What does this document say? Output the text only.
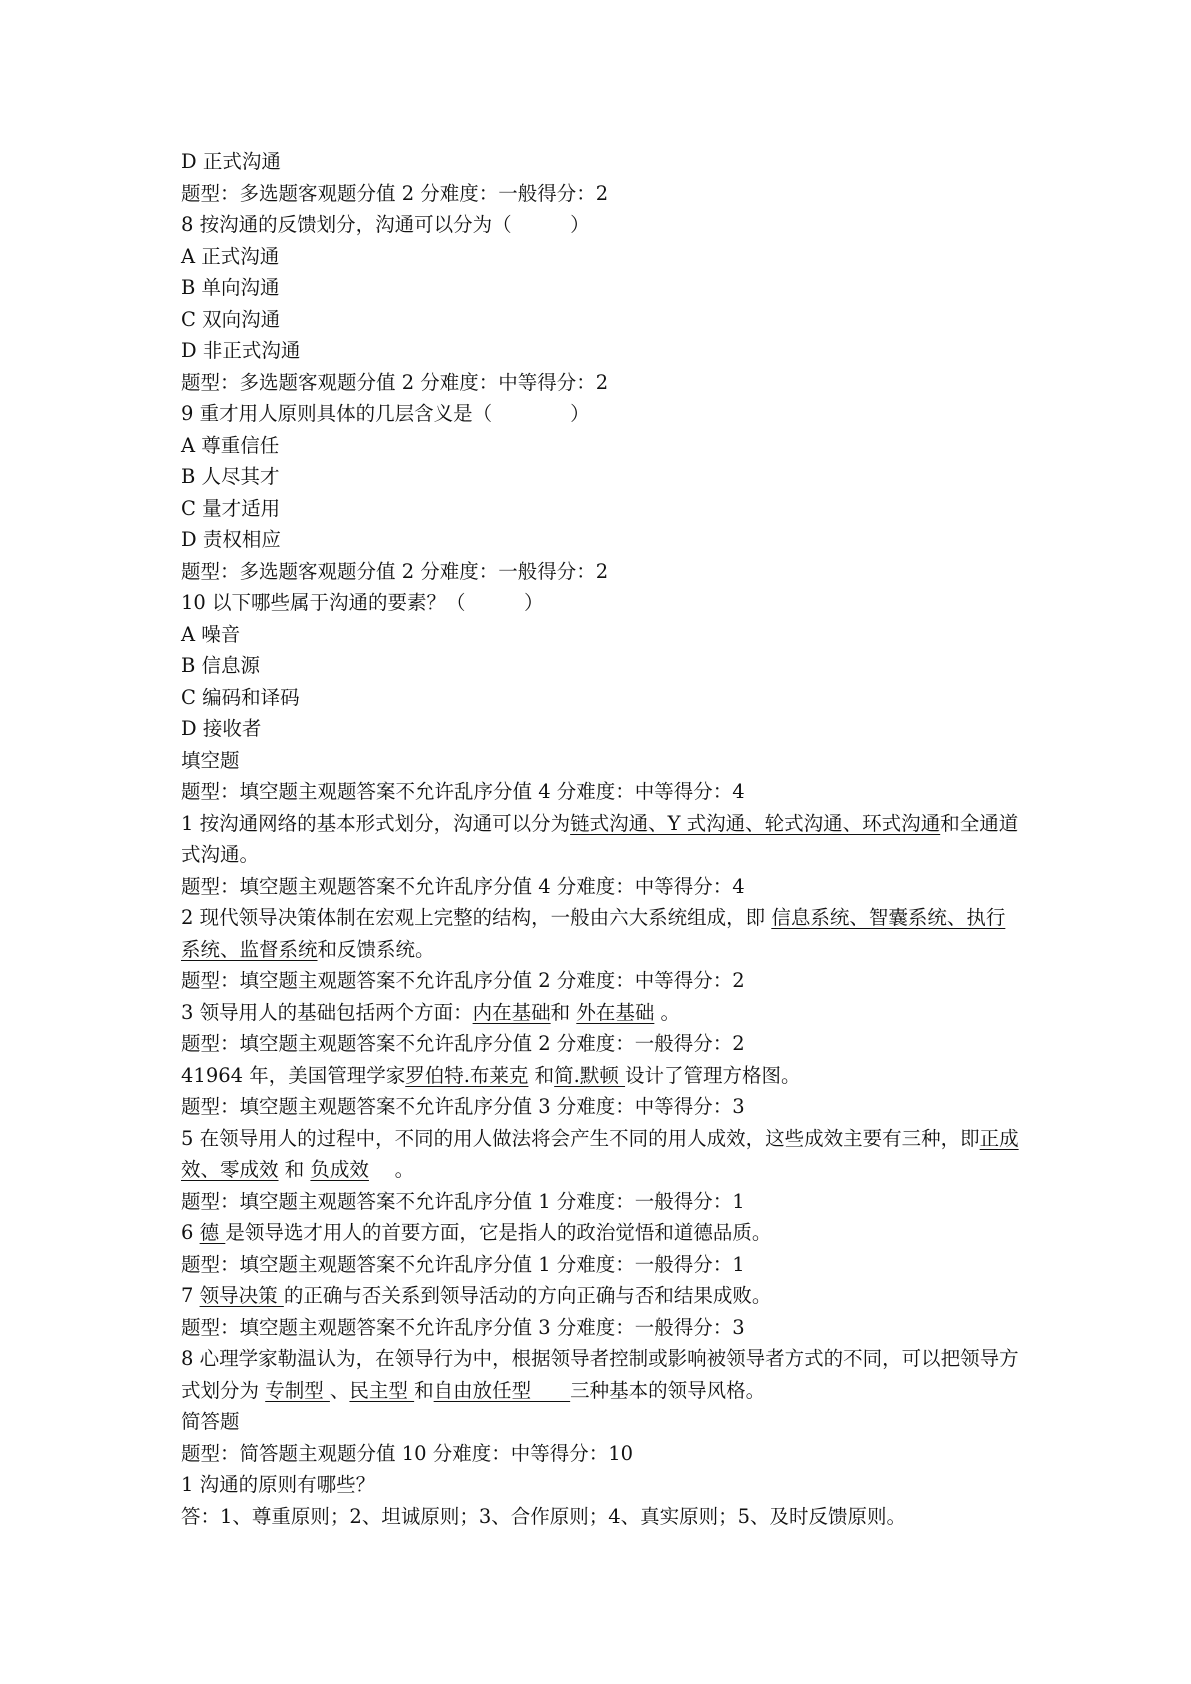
D 正式沟通
题型：多选题客观题分值 2 分难度：一般得分：2
8 按沟通的反馈划分，沟通可以分为（　　　）
A 正式沟通
B 单向沟通
C 双向沟通
D 非正式沟通
题型：多选题客观题分值 2 分难度：中等得分：2
9 重才用人原则具体的几层含义是（　　　　）
A 尊重信任
B 人尽其才
C 量才适用
D 责权相应
题型：多选题客观题分值 2 分难度：一般得分：2
10 以下哪些属于沟通的要素？（　　　）
A 噪音
B 信息源
C 编码和译码
D 接收者
填空题
题型：填空题主观题答案不允许乱序分值 4 分难度：中等得分：4
1 按沟通网络的基本形式划分，沟通可以分为链式沟通、Y 式沟通、轮式沟通、环式沟通和全通道式沟通。
题型：填空题主观题答案不允许乱序分值 4 分难度：中等得分：4
2 现代领导决策体制在宏观上完整的结构，一般由六大系统组成，即 信息系统、智囊系统、执行系统、监督系统和反馈系统。
题型：填空题主观题答案不允许乱序分值 2 分难度：中等得分：2
3 领导用人的基础包括两个方面：内在基础和 外在基础 。
题型：填空题主观题答案不允许乱序分值 2 分难度：一般得分：2
41964 年，美国管理学家罗伯特.布莱克 和简.默顿 设计了管理方格图。
题型：填空题主观题答案不允许乱序分值 3 分难度：中等得分：3
5 在领导用人的过程中，不同的用人做法将会产生不同的用人成效，这些成效主要有三种，即正成效、零成效 和 负成效　 。
题型：填空题主观题答案不允许乱序分值 1 分难度：一般得分：1
6 德 是领导选才用人的首要方面，它是指人的政治觉悟和道德品质。
题型：填空题主观题答案不允许乱序分值 1 分难度：一般得分：1
7 领导决策 的正确与否关系到领导活动的方向正确与否和结果成败。
题型：填空题主观题答案不允许乱序分值 3 分难度：一般得分：3
8 心理学家勒温认为，在领导行为中，根据领导者控制或影响被领导者方式的不同，可以把领导方式划分为 专制型 、民主型 和自由放任型　　三种基本的领导风格。
简答题
题型：简答题主观题分值 10 分难度：中等得分：10
1 沟通的原则有哪些？
答：1、尊重原则；2、坦诚原则；3、合作原则；4、真实原则；5、及时反馈原则。
